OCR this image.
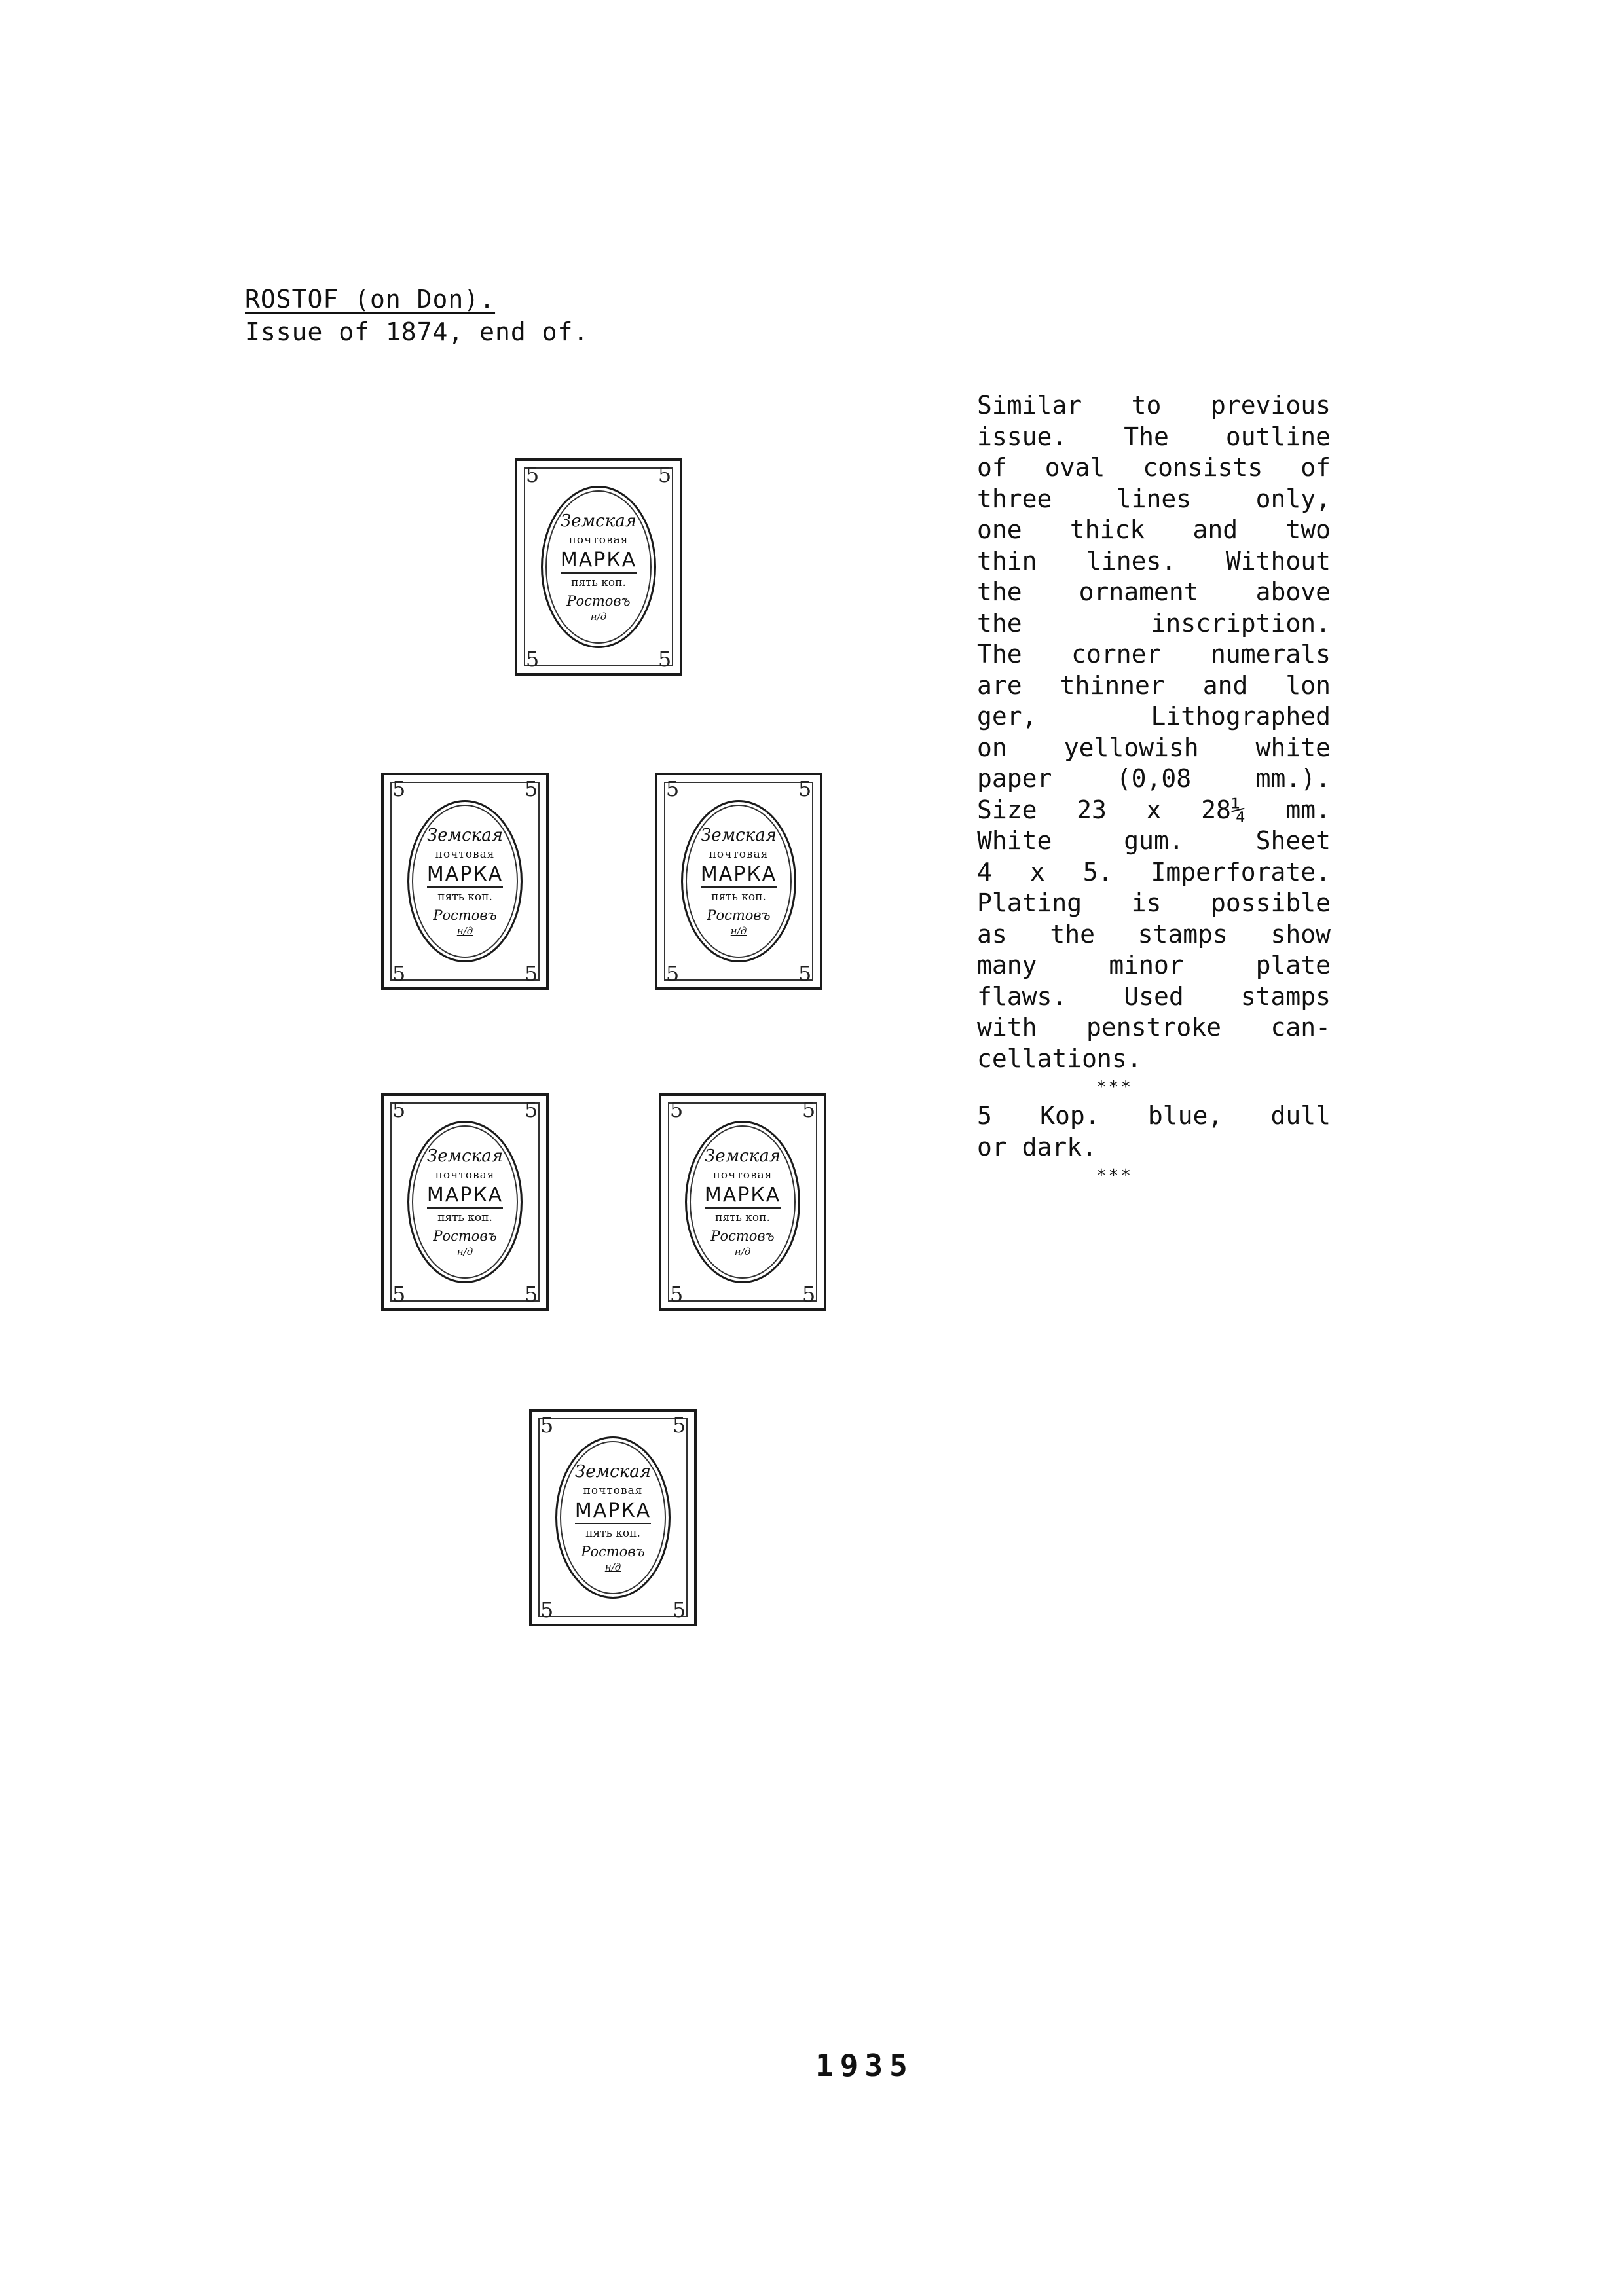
ROSTOF (on Don).
Issue of 1874, end of.
Similar to previous
issue. The outline
of oval consists of
three lines only,
one thick and two
thin lines. Without
the ornament above
the inscription.
The corner numerals
are thinner and lon
ger, Lithographed
on yellowish white
paper (0,08 mm.).
Size 23 x 28¼ mm.
White gum. Sheet
4 x 5. Imperforate.
Plating is possible
as the stamps show
many minor plate
flaws. Used stamps
with penstroke can-
cellations.
***
5 Kop. blue, dull
or dark.
***
5	5
5	5
Земская
почтовая
МАРКА
пять коп.
Ростовъ
н/д
5	5
5	5
Земская
почтовая
МАРКА
пять коп.
Ростовъ
н/д
5	5
5	5
Земская
почтовая
МАРКА
пять коп.
Ростовъ
н/д
5	5
5	5
Земская
почтовая
МАРКА
пять коп.
Ростовъ
н/д
5	5
5	5
Земская
почтовая
МАРКА
пять коп.
Ростовъ
н/д
5	5
5	5
Земская
почтовая
МАРКА
пять коп.
Ростовъ
н/д
1935
